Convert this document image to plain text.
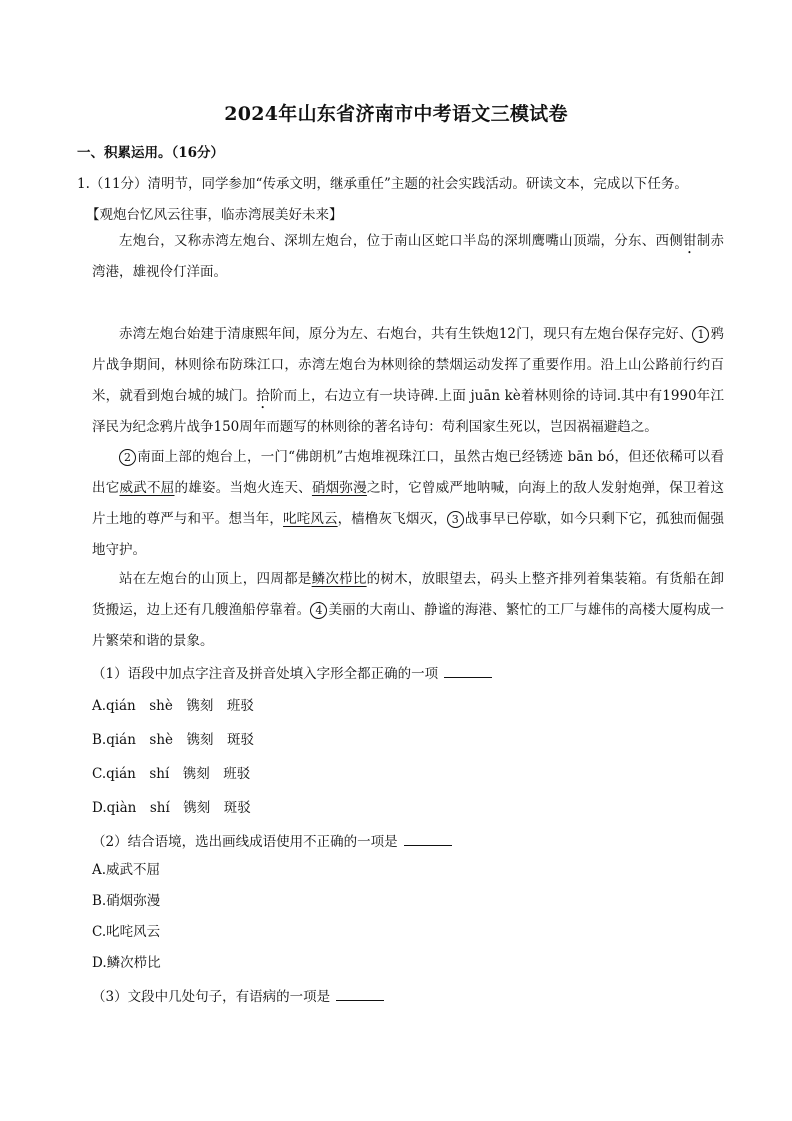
2024年山东省济南市中考语文三模试卷
一、积累运用。（16分）
1.（11分）清明节，同学参加“传承文明，继承重任”主题的社会实践活动。研读文本，完成以下任务。
【观炮台忆风云往事，临赤湾展美好未来】
左炮台，又称赤湾左炮台、深圳左炮台，位于南山区蛇口半岛的深圳鹰嘴山顶端，分东、西侧钳制赤湾港，雄视伶仃洋面。
赤湾左炮台始建于清康熙年间，原分为左、右炮台，共有生铁炮12门，现只有左炮台保存完好、 1 鸦片战争期间，林则徐布防珠江口，赤湾左炮台为林则徐的禁烟运动发挥了重要作用。沿上山公路前行约百米，就看到炮台城的城门。拾阶而上，右边立有一块诗碑.上面 juān kè着林则徐的诗词.其中有1990年江泽民为纪念鸦片战争150周年而题写的林则徐的著名诗句：苟利国家生死以，岂因祸福避趋之。
2 南面上部的炮台上，一门“佛朗机”古炮堆视珠江口，虽然古炮已经锈迹 bān bó，但还依稀可以看出它威武不屈的雄姿。当炮火连天、硝烟弥漫之时，它曾威严地呐喊，向海上的敌人发射炮弹，保卫着这片土地的尊严与和平。想当年，叱咤风云，樯橹灰飞烟灭， 3 战事早已停歇，如今只剩下它，孤独而倔强地守护。
站在左炮台的山顶上，四周都是鳞次栉比的树木，放眼望去，码头上整齐排列着集装箱。有货船在卸货搬运，边上还有几艘渔船停靠着。 4 美丽的大南山、静谧的海港、繁忙的工厂与雄伟的高楼大厦构成一片繁荣和谐的景象。
（1）语段中加点字注音及拼音处填入字形全都正确的一项
A.qián　shè　镌刻　班驳
B.qián　shè　镌刻　斑驳
C.qián　shí　镌刻　班驳
D.qiàn　shí　镌刻　斑驳
（2）结合语境，选出画线成语使用不正确的一项是
A.威武不屈
B.硝烟弥漫
C.叱咤风云
D.鳞次栉比
（3）文段中几处句子，有语病的一项是
